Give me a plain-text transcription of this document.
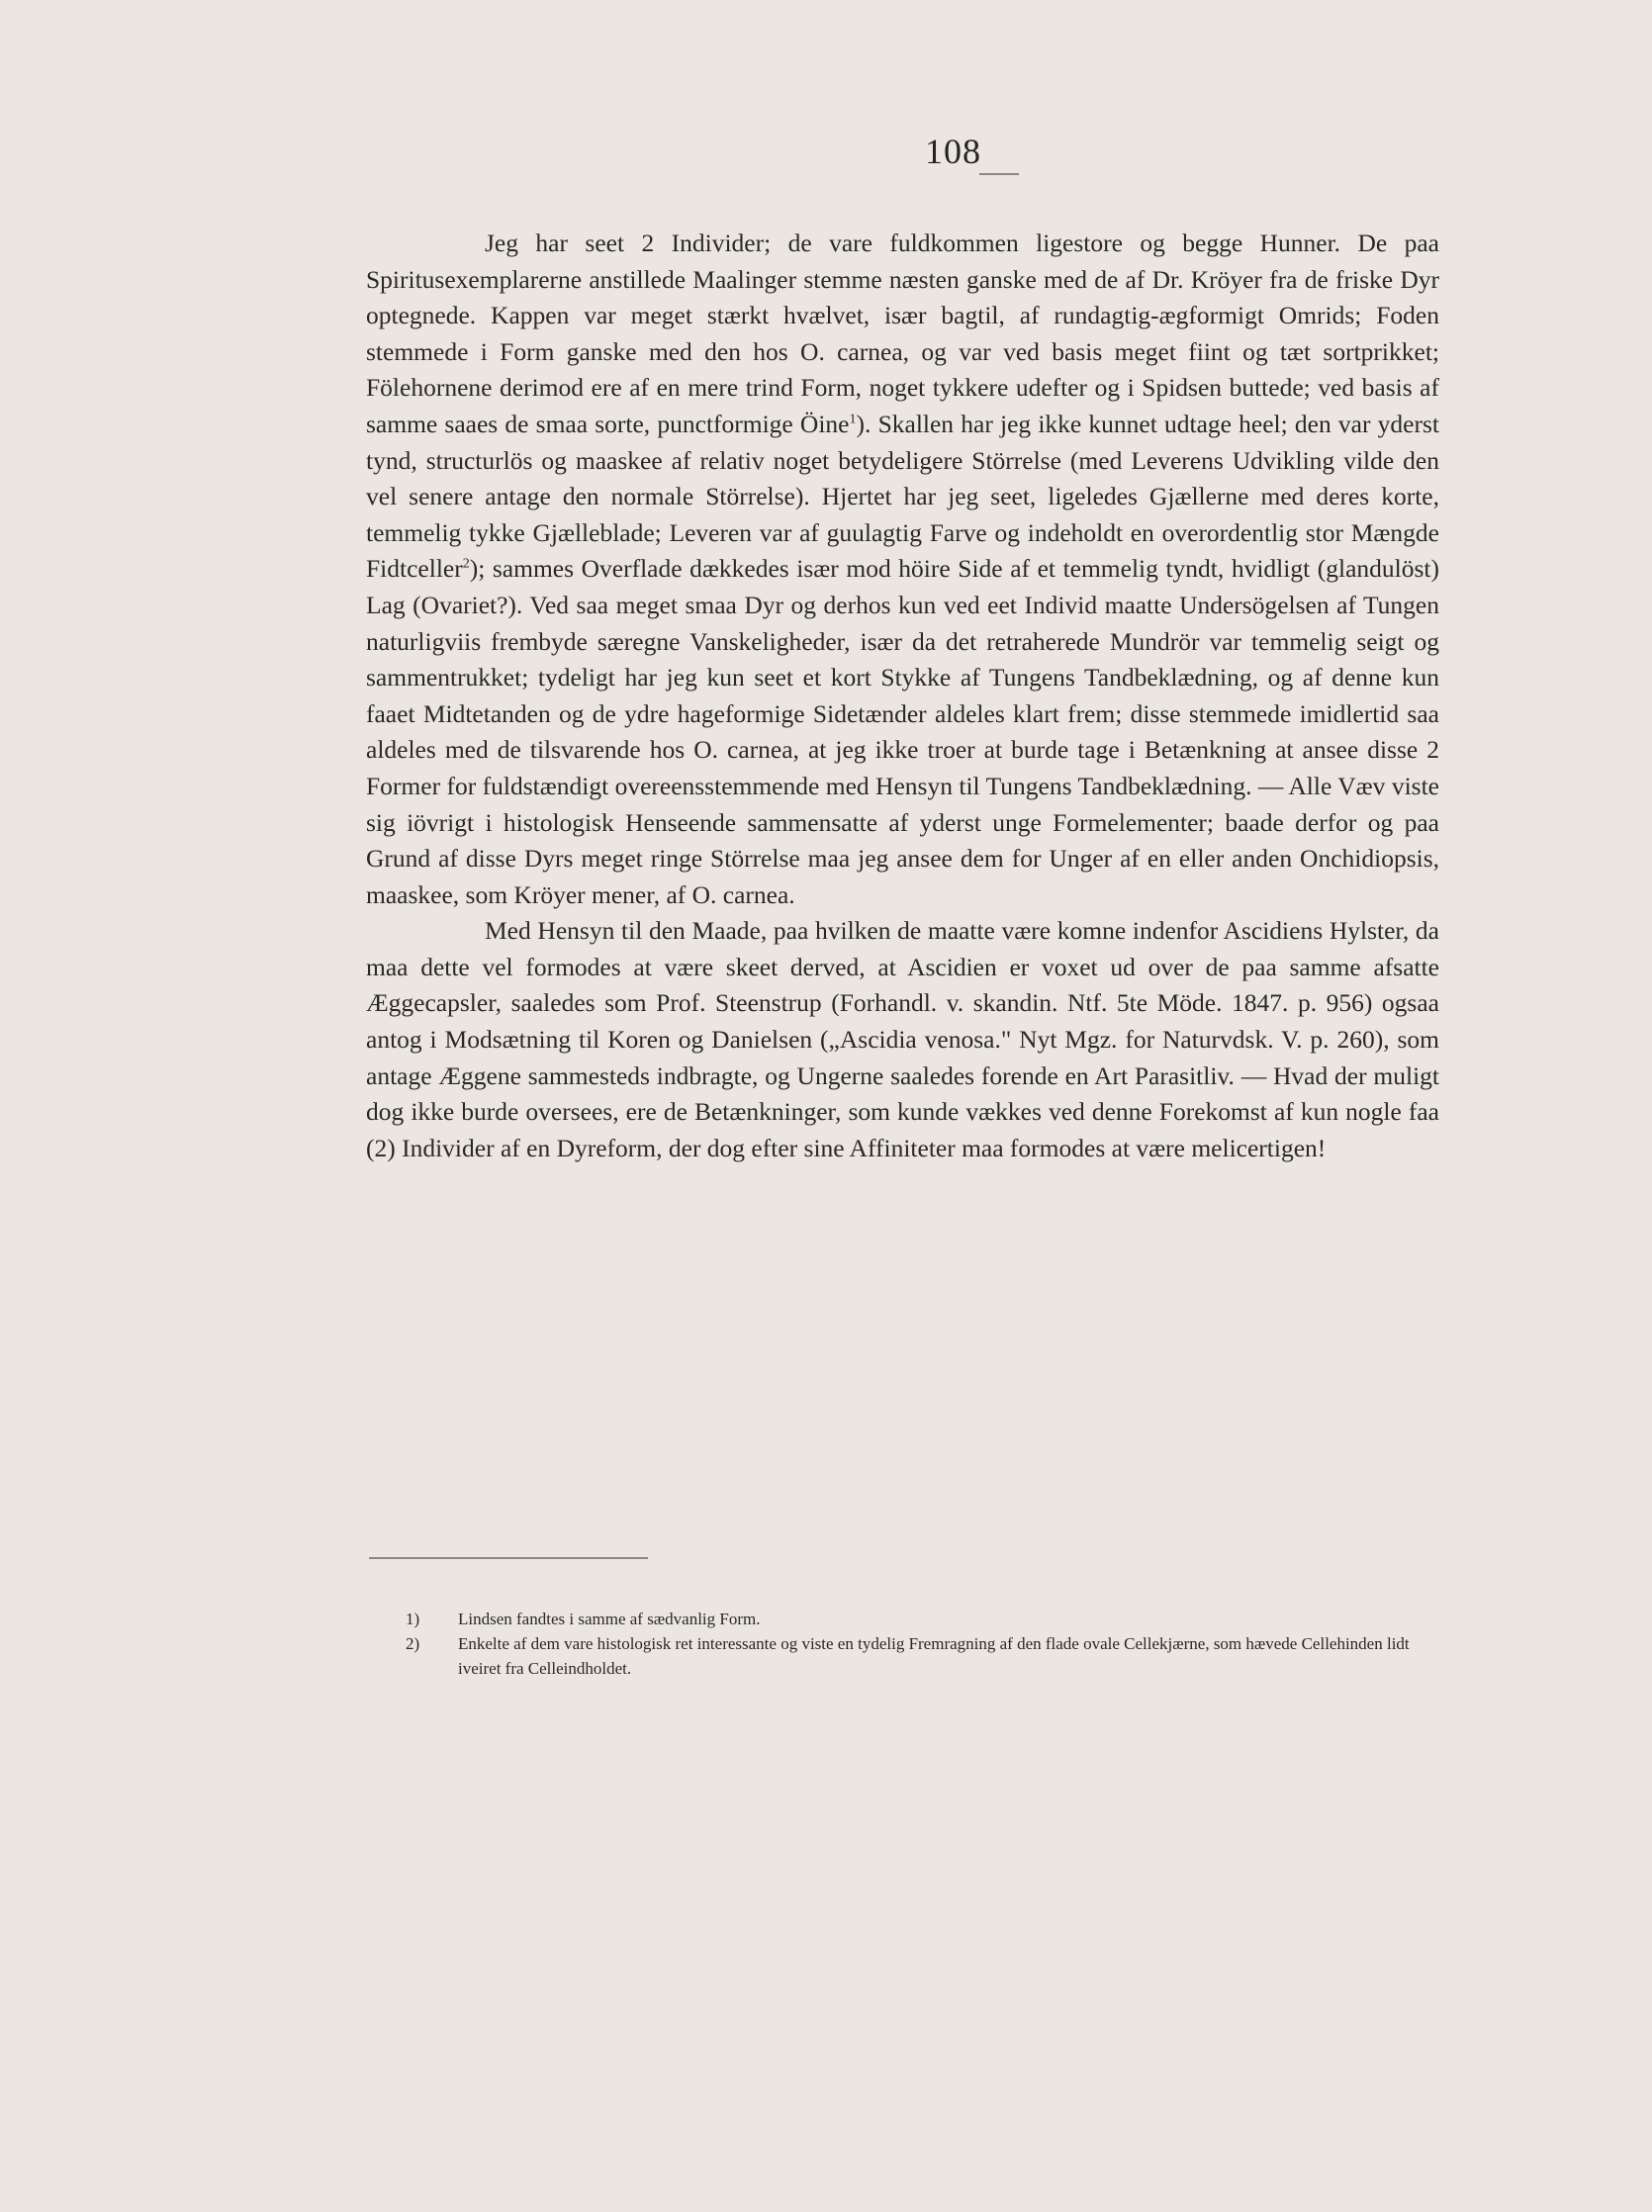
108

Jeg har seet 2 Individer; de vare fuldkommen ligestore og begge Hunner. De paa Spiritusexemplarerne anstillede Maalinger stemme næsten ganske med de af Dr. Kröyer fra de friske Dyr optegnede. Kappen var meget stærkt hvælvet, især bagtil, af rundagtig-ægformigt Omrids; Foden stemmede i Form ganske med den hos O. carnea, og var ved basis meget fiint og tæt sortprikket; Fölehornene derimod ere af en mere trind Form, noget tykkere udefter og i Spidsen buttede; ved basis af samme saaes de smaa sorte, punctformige Öine$^1$). Skallen har jeg ikke kunnet udtage heel; den var yderst tynd, structurlös og maaskee af relativ noget betydeligere Störrelse (med Leverens Udvikling vilde den vel senere antage den normale Störrelse). Hjertet har jeg seet, ligeledes Gjællerne med deres korte, temmelig tykke Gjælleblade; Leveren var af guulagtig Farve og indeholdt en overordentlig stor Mængde Fidtceller$^2$); sammes Overflade dækkedes især mod höire Side af et temmelig tyndt, hvidligt (glandulöst) Lag (Ovariet?). Ved saa meget smaa Dyr og derhos kun ved eet Individ maatte Undersögelsen af Tungen naturligviis frembyde særegne Vanskeligheder, især da det retraherede Mundrör var temmelig seigt og sammentrukket; tydeligt har jeg kun seet et kort Stykke af Tungens Tandbeklædning, og af denne kun faaet Midtetanden og de ydre hageformige Sidetænder aldeles klart frem; disse stemmede imidlertid saa aldeles med de tilsvarende hos O. carnea, at jeg ikke troer at burde tage i Betænkning at ansee disse 2 Former for fuldstændigt overeensstemmende med Hensyn til Tungens Tandbeklædning. — Alle Væv viste sig iövrigt i histologisk Henseende sammensatte af yderst unge Formelementer; baade derfor og paa Grund af disse Dyrs meget ringe Störrelse maa jeg ansee dem for Unger af en eller anden Onchidiopsis, maaskee, som Kröyer mener, af O. carnea.

Med Hensyn til den Maade, paa hvilken de maatte være komne indenfor Ascidiens Hylster, da maa dette vel formodes at være skeet derved, at Ascidien er voxet ud over de paa samme afsatte Æggecapsler, saaledes som Prof. Steenstrup (Forhandl. v. skandin. Ntf. 5te Möde. 1847. p. 956) ogsaa antog i Modsætning til Koren og Danielsen („Ascidia venosa." Nyt Mgz. for Naturvdsk. V. p. 260), som antage Æggene sammesteds indbragte, og Ungerne saaledes forende en Art Parasitliv. — Hvad der muligt dog ikke burde oversees, ere de Betænkninger, som kunde vækkes ved denne Forekomst af kun nogle faa (2) Individer af en Dyreform, der dog efter sine Affiniteter maa formodes at være melicertigen!

1) Lindsen fandtes i samme af sædvanlig Form.

2) Enkelte af dem vare histologisk ret interessante og viste en tydelig Fremragning af den flade ovale Cellekjærne, som hævede Cellehinden lidt iveiret fra Celleindholdet.
